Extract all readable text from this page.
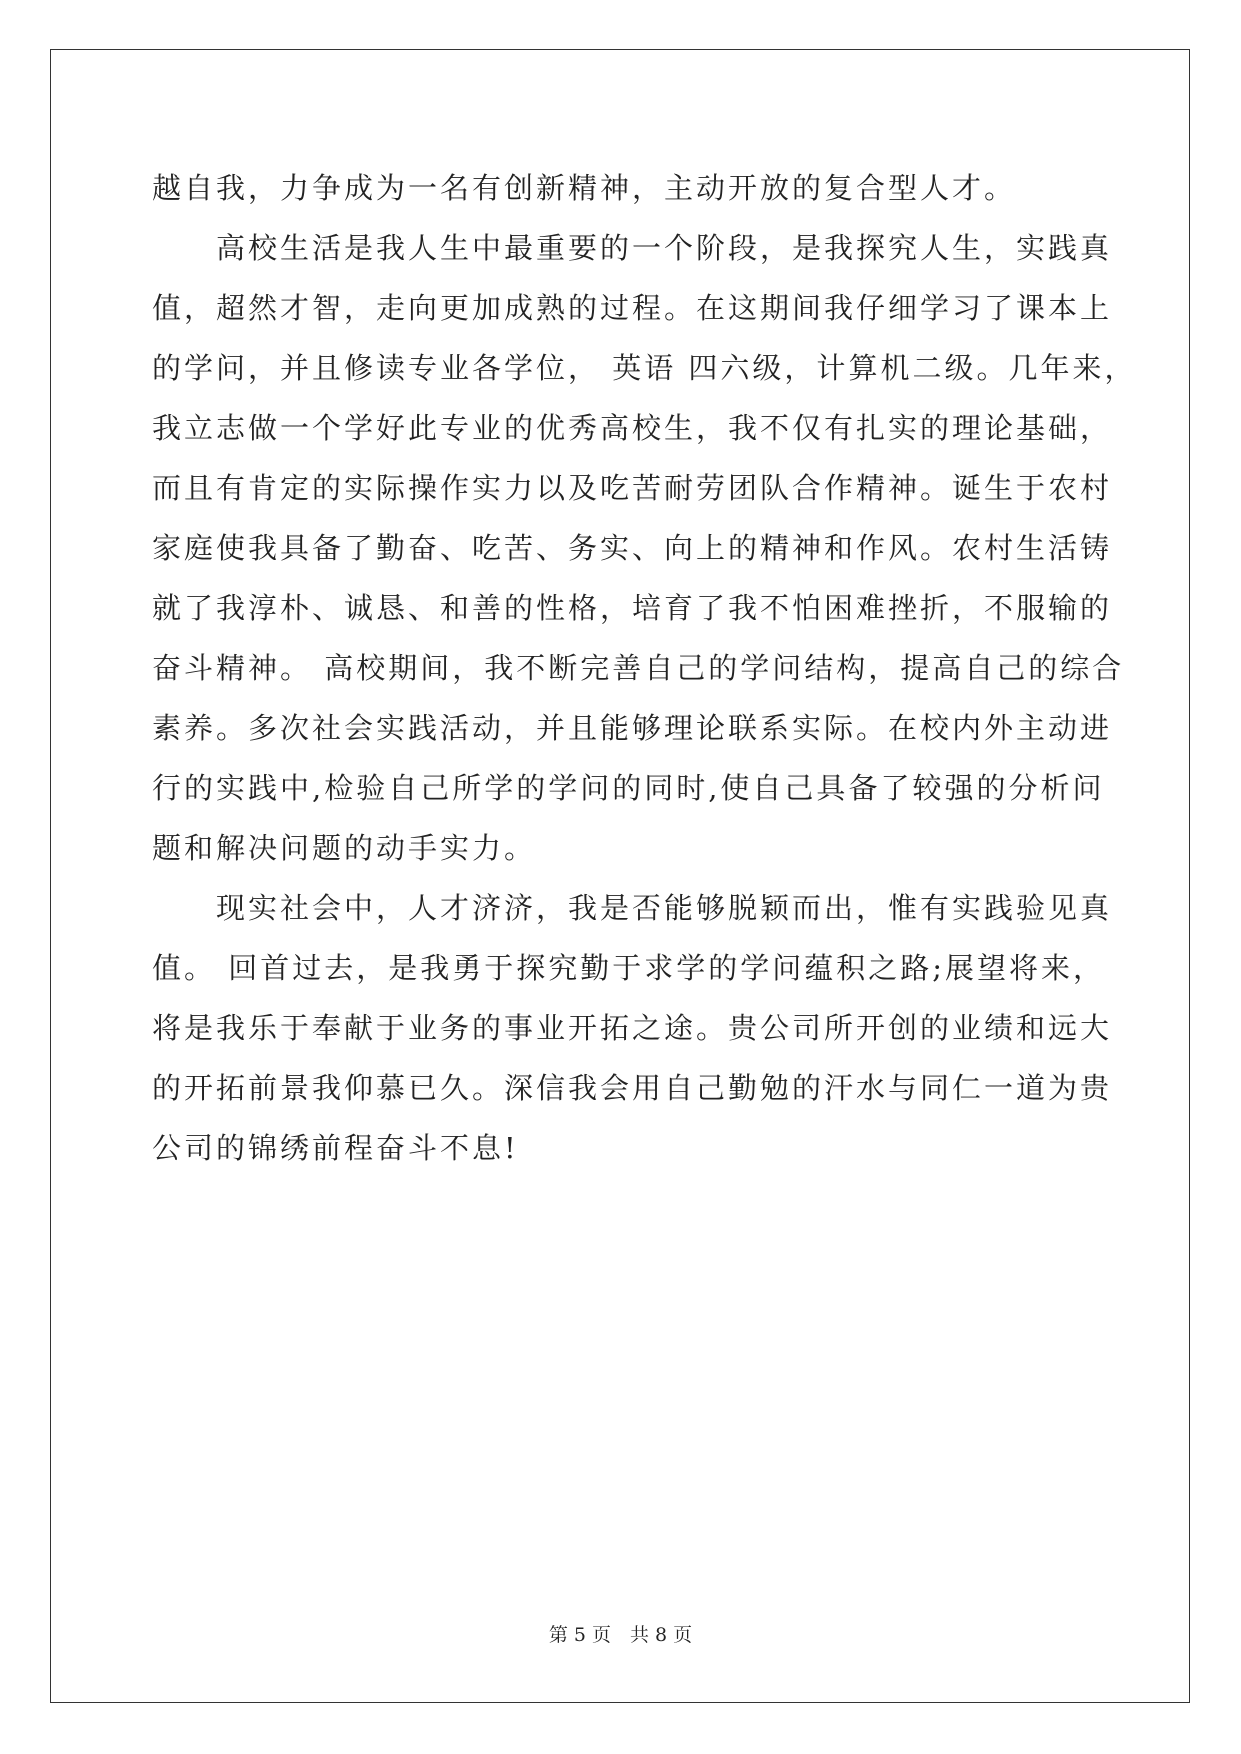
越自我，力争成为一名有创新精神，主动开放的复合型人才。
高校生活是我人生中最重要的一个阶段，是我探究人生，实践真
值，超然才智，走向更加成熟的过程。在这期间我仔细学习了课本上
的学问，并且修读专业各学位， 英语 四六级，计算机二级。几年来，
我立志做一个学好此专业的优秀高校生，我不仅有扎实的理论基础，
而且有肯定的实际操作实力以及吃苦耐劳团队合作精神。诞生于农村
家庭使我具备了勤奋、吃苦、务实、向上的精神和作风。农村生活铸
就了我淳朴、诚恳、和善的性格，培育了我不怕困难挫折，不服输的
奋斗精神。 高校期间，我不断完善自己的学问结构，提高自己的综合
素养。多次社会实践活动，并且能够理论联系实际。在校内外主动进
行的实践中,检验自己所学的学问的同时,使自己具备了较强的分析问
题和解决问题的动手实力。
现实社会中，人才济济，我是否能够脱颖而出，惟有实践验见真
值。 回首过去，是我勇于探究勤于求学的学问蕴积之路;展望将来，
将是我乐于奉献于业务的事业开拓之途。贵公司所开创的业绩和远大
的开拓前景我仰慕已久。深信我会用自己勤勉的汗水与同仁一道为贵
公司的锦绣前程奋斗不息!
第 5 页　共 8 页
